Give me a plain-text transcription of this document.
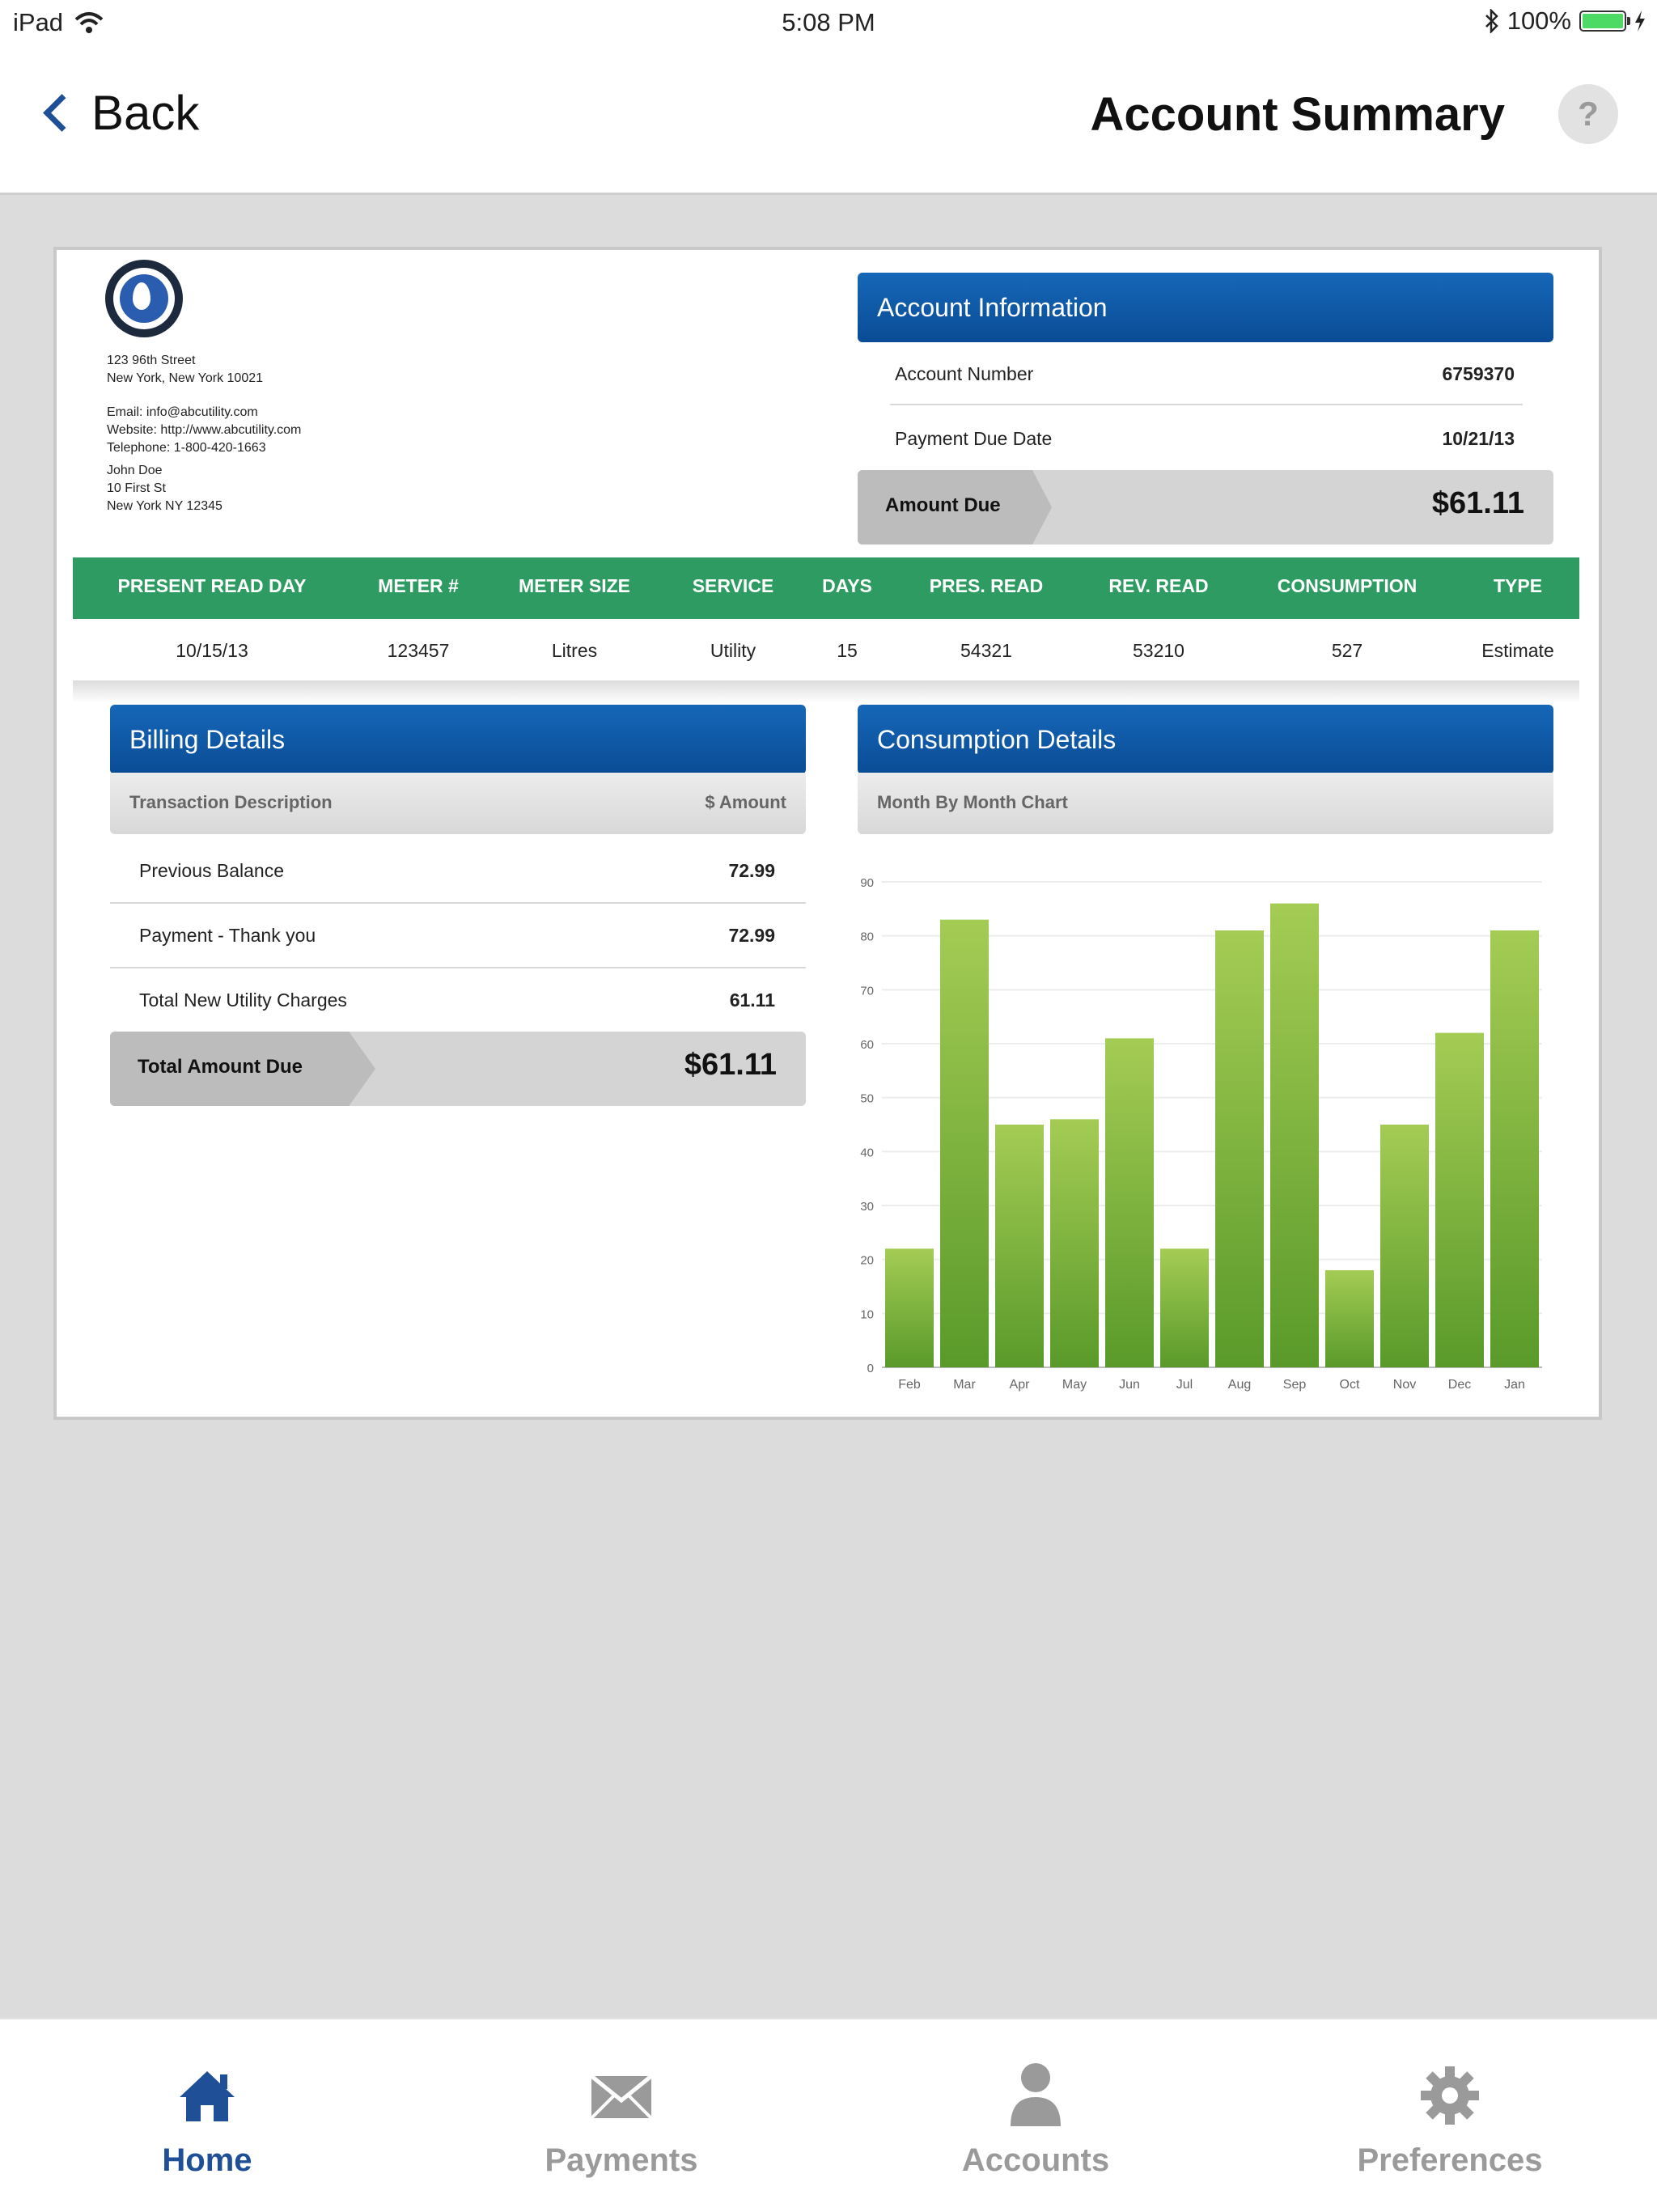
iPad	5:08 PM	100%
Back	Account Summary	?
123 96th Street
New York, New York 10021
Email: info@abcutility.com
Website: http://www.abcutility.com
Telephone: 1-800-420-1663
John Doe
10 First St
New York NY 12345
Account Information
Account Number	6759370
Payment Due Date	10/21/13
Amount Due	$61.11
PRESENT READ DAY	METER #	METER SIZE	SERVICE	DAYS	PRES. READ	REV. READ	CONSUMPTION	TYPE
10/15/13	123457	Litres	Utility	15	54321	53210	527	Estimate
Billing Details
Transaction Description	$ Amount
Previous Balance	72.99
Payment - Thank you	72.99
Total New Utility Charges	61.11
Total Amount Due	$61.11
Consumption Details
Month By Month Chart
0
10
20
30
40
50
60
70
80
90
Feb	Mar	Apr	May Jun	Jul	Aug Sep	Oct	Nov Dec	Jan
Home	Payments	Accounts	Preferences
